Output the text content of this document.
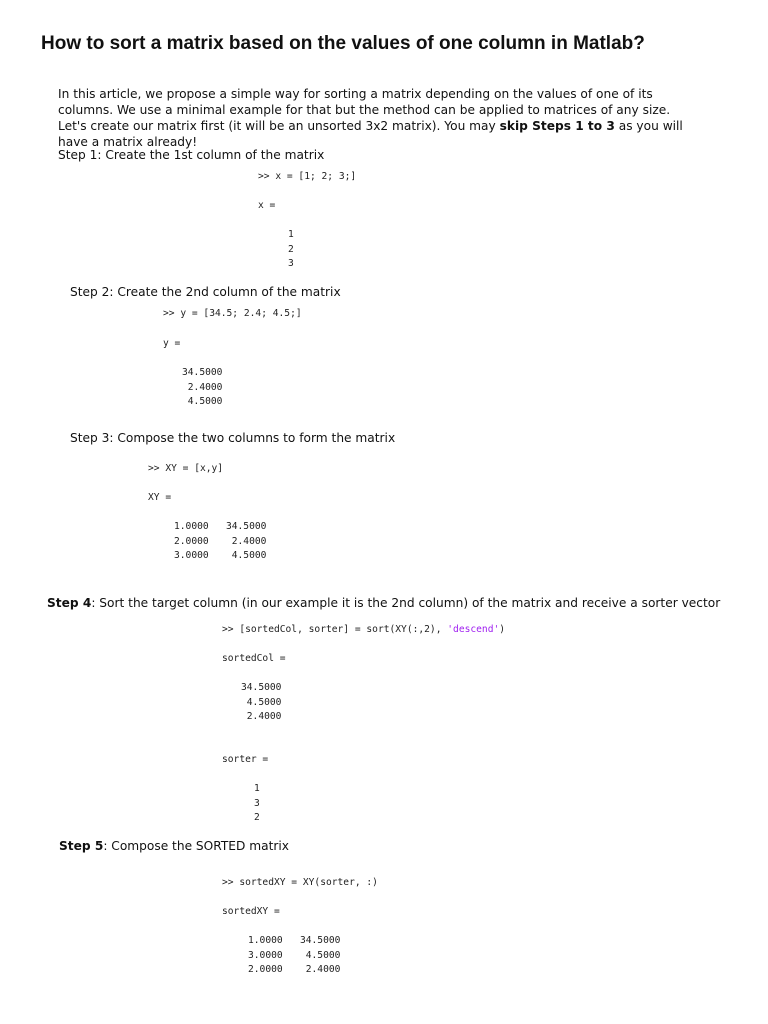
How to sort a matrix based on the values of one column in Matlab?

In this article, we propose a simple way for sorting a matrix depending on the values of one of its columns. We use a minimal example for that but the method can be applied to matrices of any size.

Let's create our matrix first (it will be an unsorted 3x2 matrix). You may skip Steps 1 to 3 as you will have a matrix already!

Step 1: Create the 1st column of the matrix
>> x = [1; 2; 3;]
x =
1
2
3
Step 2: Create the 2nd column of the matrix
>> y = [34.5; 2.4; 4.5;]
y =
34.5000
2.4000
4.5000
Step 3: Compose the two columns to form the matrix
>> XY = [x,y]
XY =
1.0000   34.5000
2.0000    2.4000
3.0000    4.5000
Step 4: Sort the target column (in our example it is the 2nd column) of the matrix and receive a sorter vector
>> [sortedCol, sorter] = sort(XY(:,2), 'descend')
sortedCol =
34.5000
4.5000
2.4000
sorter =
1
3
2
Step 5: Compose the SORTED matrix
>> sortedXY = XY(sorter, :)
sortedXY =
1.0000   34.5000
3.0000    4.5000
2.0000    2.4000
